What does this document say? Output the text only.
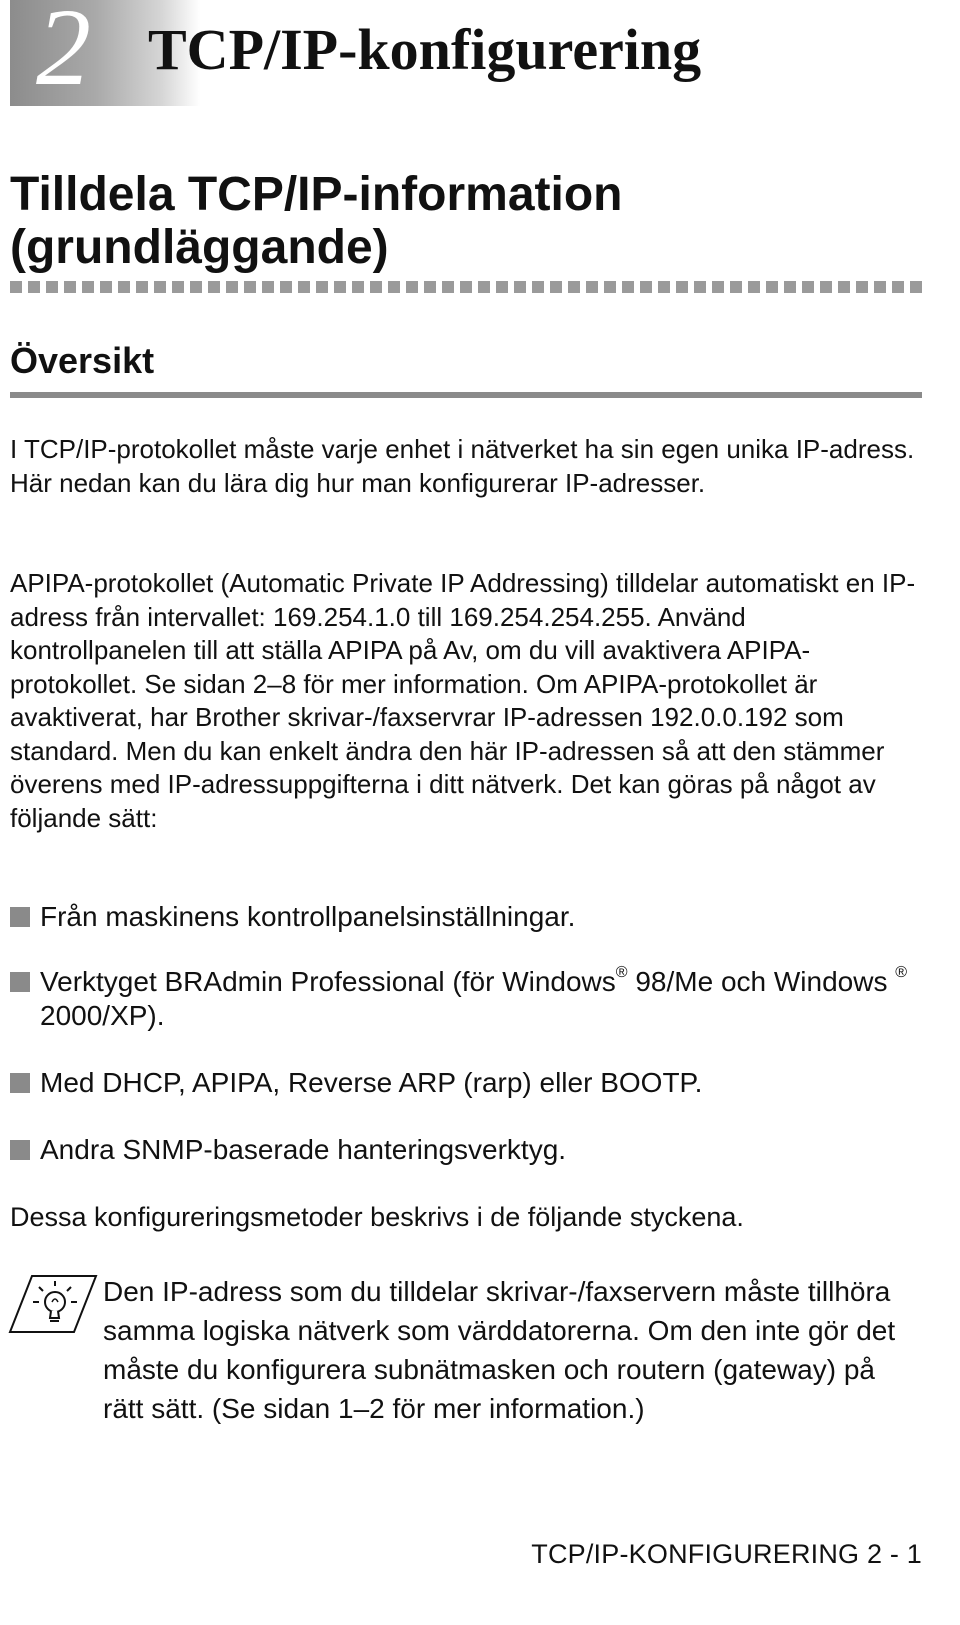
2 TCP/IP-konfigurering
Tilldela TCP/IP-information
(grundläggande)
Översikt

I TCP/IP-protokollet måste varje enhet i nätverket ha sin egen unika IP-adress. Här nedan kan du lära dig hur man konfigurerar IP-adresser.

APIPA-protokollet (Automatic Private IP Addressing) tilldelar automatiskt en IP-adress från intervallet: 169.254.1.0 till 169.254.254.255. Använd kontrollpanelen till att ställa APIPA på Av, om du vill avaktivera APIPA-protokollet. Se sidan 2–8 för mer information. Om APIPA-protokollet är avaktiverat, har Brother skrivar-/faxservrar IP-adressen 192.0.0.192 som standard. Men du kan enkelt ändra den här IP-adressen så att den stämmer överens med IP-adressuppgifterna i ditt nätverk. Det kan göras på något av följande sätt:

Från maskinens kontrollpanelsinställningar.
Verktyget BRAdmin Professional (för Windows® 98/Me och Windows ® 2000/XP).
Med DHCP, APIPA, Reverse ARP (rarp) eller BOOTP.
Andra SNMP-baserade hanteringsverktyg.

Dessa konfigureringsmetoder beskrivs i de följande styckena.

Den IP-adress som du tilldelar skrivar-/faxservern måste tillhöra samma logiska nätverk som värddatorerna. Om den inte gör det måste du konfigurera subnätmasken och routern (gateway) på rätt sätt. (Se sidan 1–2 för mer information.)

TCP/IP-KONFIGURERING 2 - 1
